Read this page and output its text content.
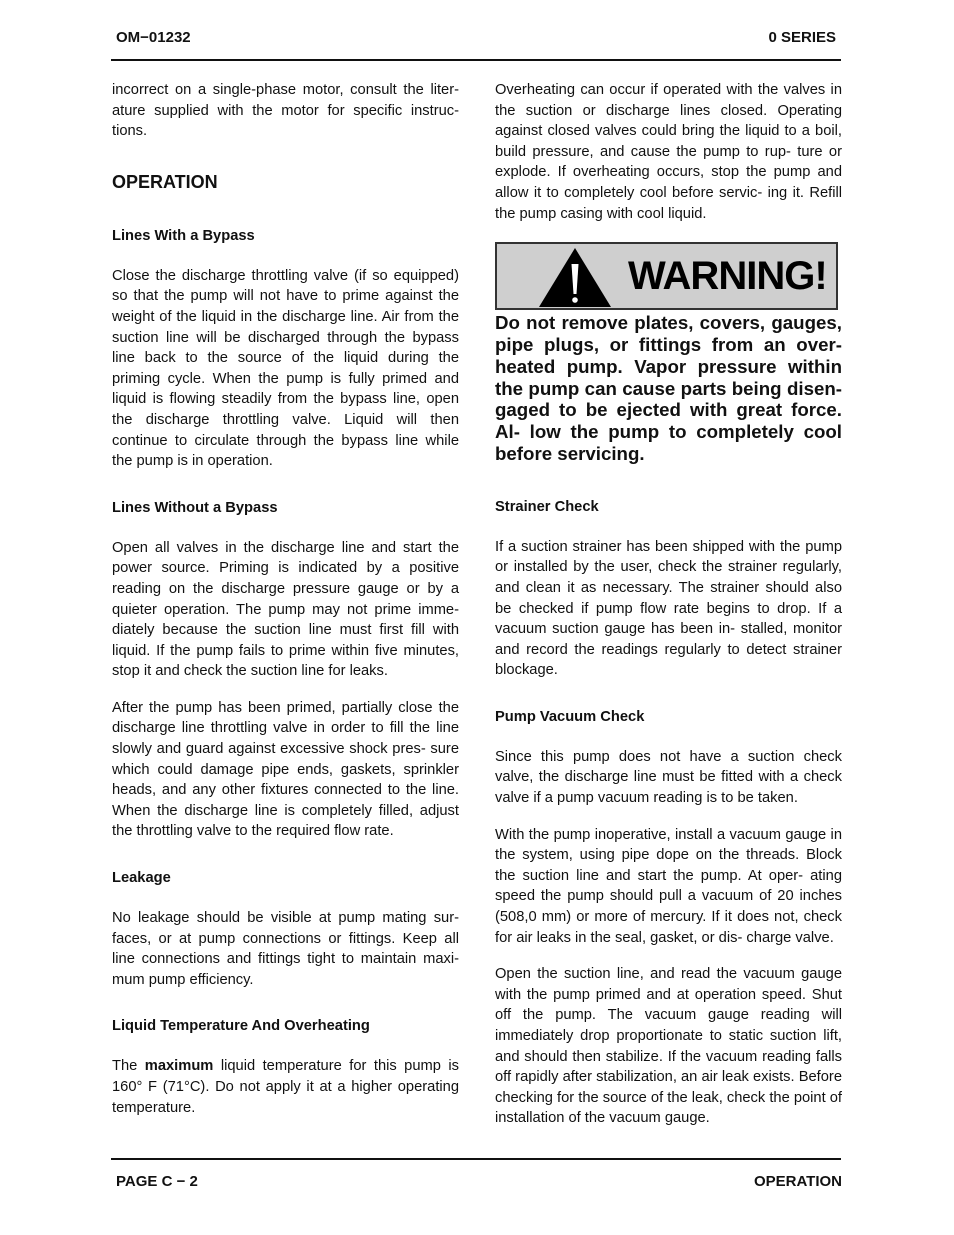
OM−01232	0 SERIES

incorrect on a single-phase motor, consult the liter- ature supplied with the motor for specific instruc- tions.

OPERATION
Lines With a Bypass

Close the discharge throttling valve (if so equipped) so that the pump will not have to prime against the weight of the liquid in the discharge line. Air from the suction line will be discharged through the bypass line back to the source of the liquid during the priming cycle. When the pump is fully primed and liquid is flowing steadily from the bypass line, open the discharge throttling valve. Liquid will then continue to circulate through the bypass line while the pump is in operation.

Lines Without a Bypass

Open all valves in the discharge line and start the power source. Priming is indicated by a positive reading on the discharge pressure gauge or by a quieter operation. The pump may not prime imme- diately because the suction line must first fill with liquid. If the pump fails to prime within five minutes, stop it and check the suction line for leaks.

After the pump has been primed, partially close the discharge line throttling valve in order to fill the line slowly and guard against excessive shock pres- sure which could damage pipe ends, gaskets, sprinkler heads, and any other fixtures connected to the line. When the discharge line is completely filled, adjust the throttling valve to the required flow rate.

Leakage

No leakage should be visible at pump mating sur- faces, or at pump connections or fittings. Keep all line connections and fittings tight to maintain maxi- mum pump efficiency.

Liquid Temperature And Overheating

The maximum liquid temperature for this pump is 160° F (71°C). Do not apply it at a higher operating temperature.

Overheating can occur if operated with the valves in the suction or discharge lines closed. Operating against closed valves could bring the liquid to a boil, build pressure, and cause the pump to rup- ture or explode. If overheating occurs, stop the pump and allow it to completely cool before servic- ing it. Refill the pump casing with cool liquid.

WARNING!

Do not remove plates, covers, gauges, pipe plugs, or fittings from an over- heated pump. Vapor pressure within the pump can cause parts being disen- gaged to be ejected with great force. Al- low the pump to completely cool before servicing.

Strainer Check

If a suction strainer has been shipped with the pump or installed by the user, check the strainer regularly, and clean it as necessary. The strainer should also be checked if pump flow rate begins to drop. If a vacuum suction gauge has been in- stalled, monitor and record the readings regularly to detect strainer blockage.

Pump Vacuum Check

Since this pump does not have a suction check valve, the discharge line must be fitted with a check valve if a pump vacuum reading is to be taken.

With the pump inoperative, install a vacuum gauge in the system, using pipe dope on the threads. Block the suction line and start the pump. At oper- ating speed the pump should pull a vacuum of 20 inches (508,0 mm) or more of mercury. If it does not, check for air leaks in the seal, gasket, or dis- charge valve.

Open the suction line, and read the vacuum gauge with the pump primed and at operation speed. Shut off the pump. The vacuum gauge reading will immediately drop proportionate to static suction lift, and should then stabilize. If the vacuum reading falls off rapidly after stabilization, an air leak exists. Before checking for the source of the leak, check the point of installation of the vacuum gauge.

PAGE C − 2	OPERATION
